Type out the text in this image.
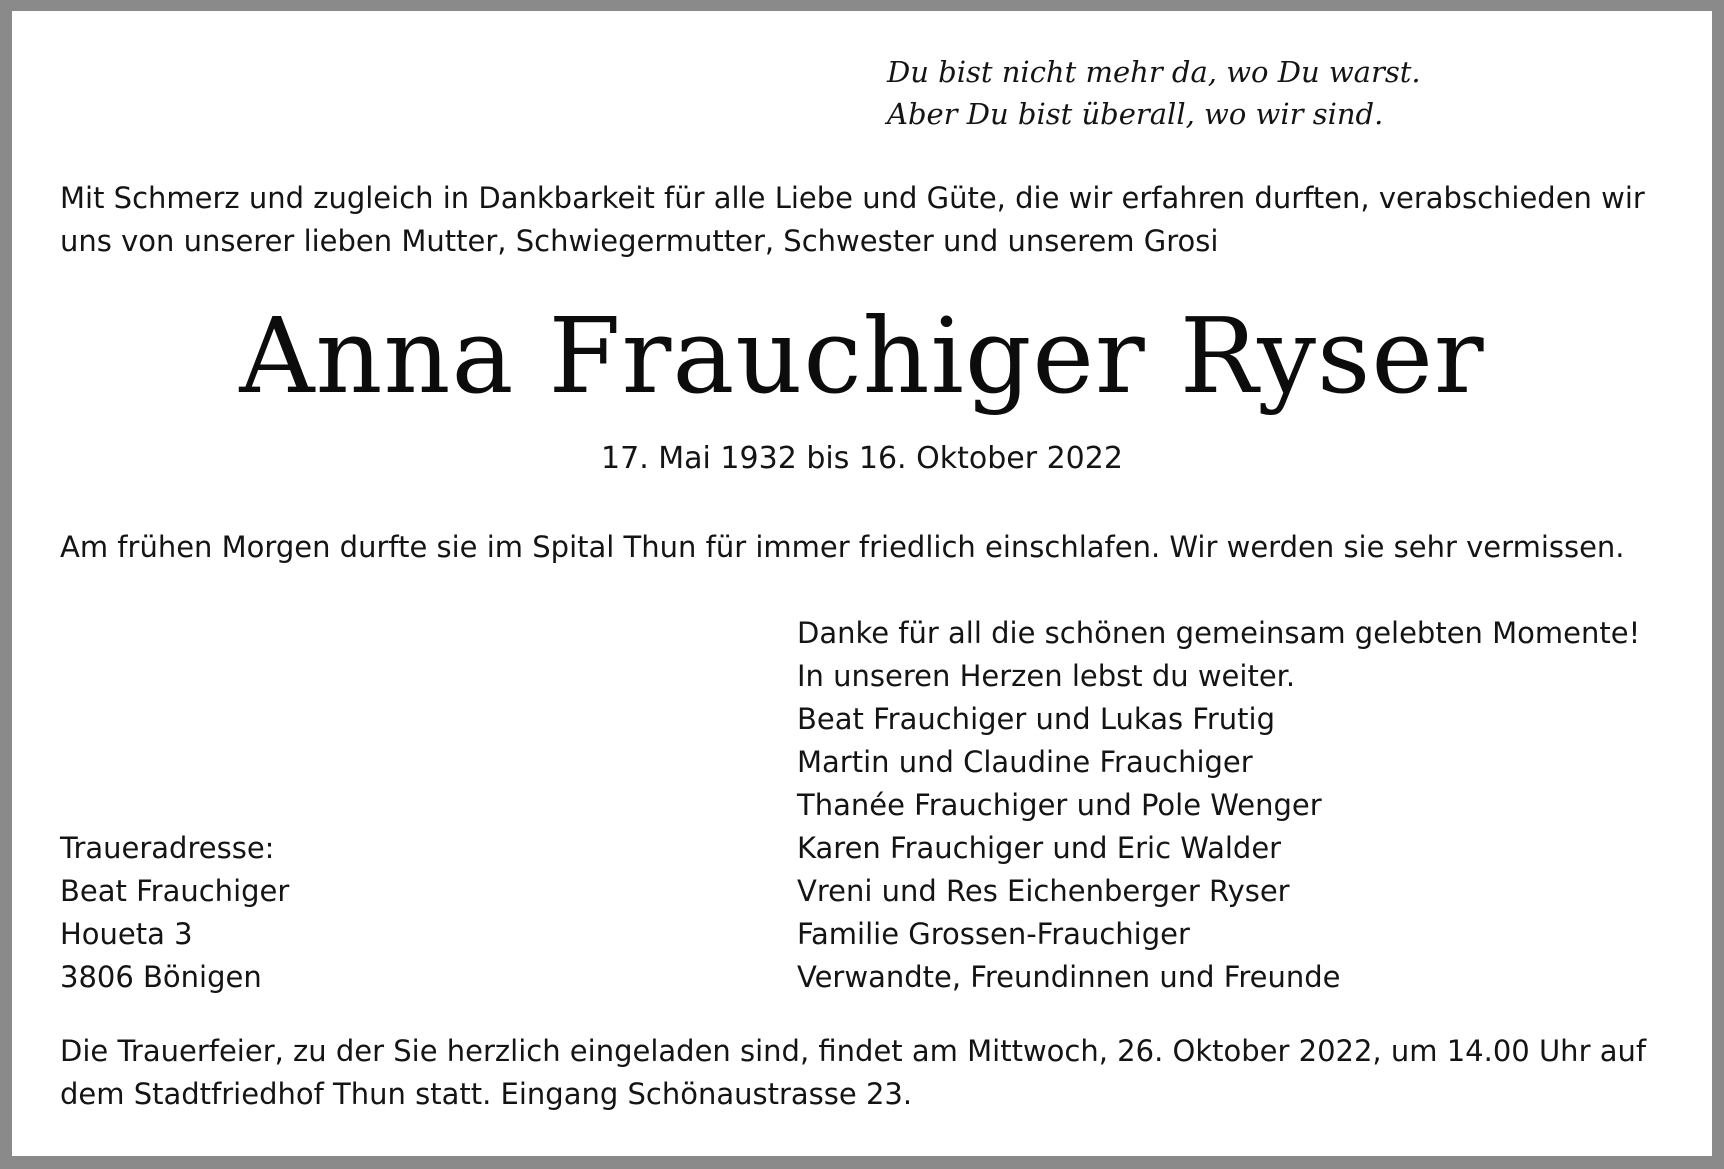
Du bist nicht mehr da, wo Du warst.
Aber Du bist überall, wo wir sind.
Mit Schmerz und zugleich in Dankbarkeit für alle Liebe und Güte, die wir erfahren durften, verabschieden wir
uns von unserer lieben Mutter, Schwiegermutter, Schwester und unserem Grosi
Anna Frauchiger Ryser
17. Mai 1932 bis 16. Oktober 2022
Am frühen Morgen durfte sie im Spital Thun für immer friedlich einschlafen. Wir werden sie sehr vermissen.
Danke für all die schönen gemeinsam gelebten Momente!
In unseren Herzen lebst du weiter.
Beat Frauchiger und Lukas Frutig
Martin und Claudine Frauchiger
Thanée Frauchiger und Pole Wenger
Karen Frauchiger und Eric Walder
Vreni und Res Eichenberger Ryser
Familie Grossen-Frauchiger
Verwandte, Freundinnen und Freunde
Traueradresse:
Beat Frauchiger
Houeta 3
3806 Bönigen
Die Trauerfeier, zu der Sie herzlich eingeladen sind, findet am Mittwoch, 26. Oktober 2022, um 14.00 Uhr auf
dem Stadtfriedhof Thun statt. Eingang Schönaustrasse 23.
